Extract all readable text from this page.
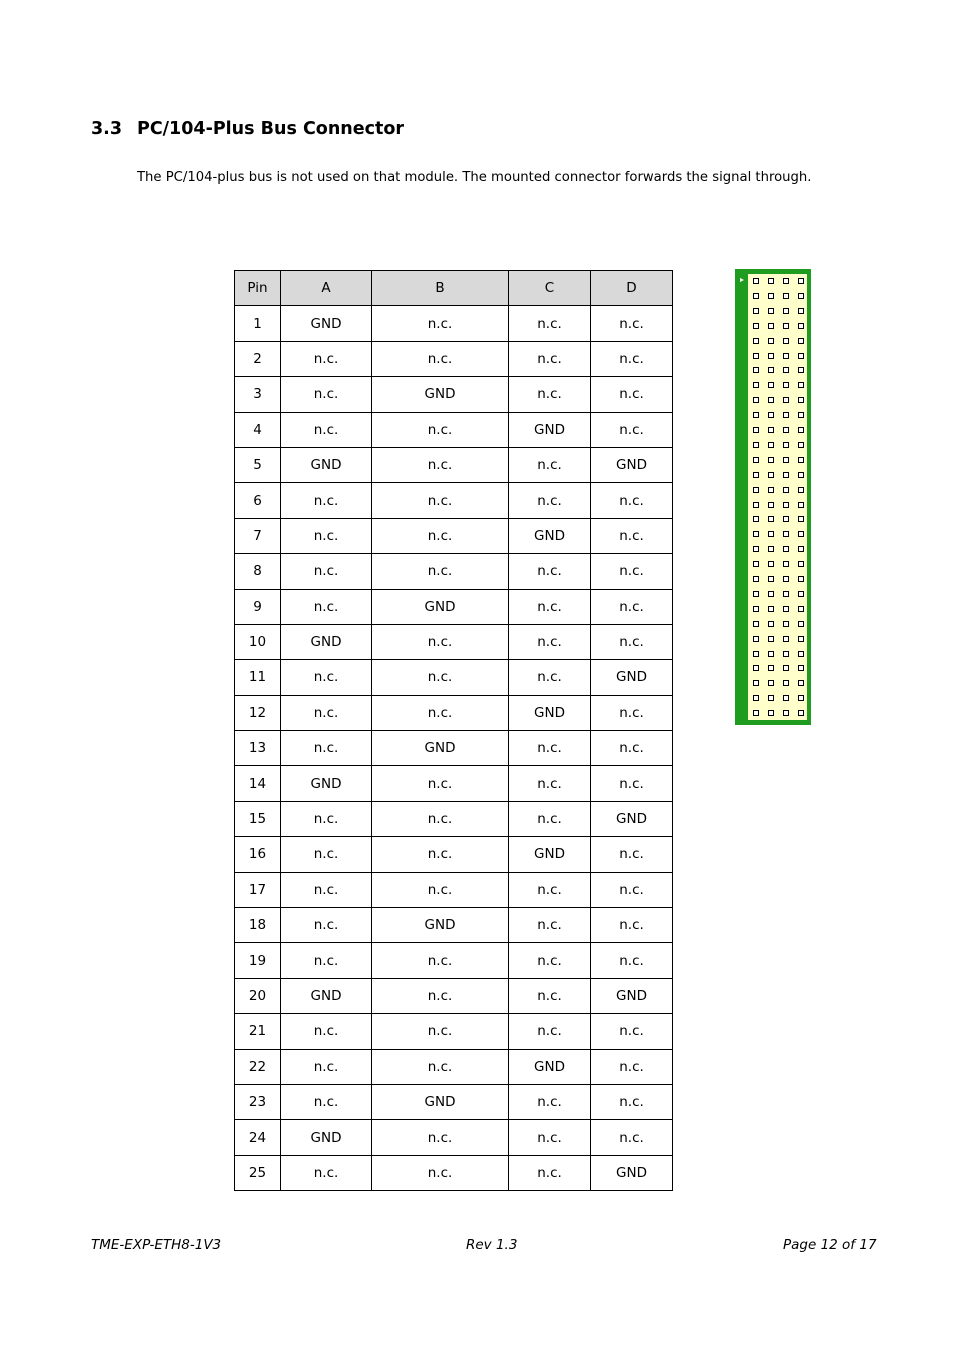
3.3 PC/104-Plus Bus Connector
The PC/104-plus bus is not used on that module. The mounted connector forwards the signal through.
Pin	A	B	C	D
1	GND	n.c.	n.c.	n.c.
2	n.c.	n.c.	n.c.	n.c.
3	n.c.	GND	n.c.	n.c.
4	n.c.	n.c.	GND	n.c.
5	GND	n.c.	n.c.	GND
6	n.c.	n.c.	n.c.	n.c.
7	n.c.	n.c.	GND	n.c.
8	n.c.	n.c.	n.c.	n.c.
9	n.c.	GND	n.c.	n.c.
10	GND	n.c.	n.c.	n.c.
11	n.c.	n.c.	n.c.	GND
12	n.c.	n.c.	GND	n.c.
13	n.c.	GND	n.c.	n.c.
14	GND	n.c.	n.c.	n.c.
15	n.c.	n.c.	n.c.	GND
16	n.c.	n.c.	GND	n.c.
17	n.c.	n.c.	n.c.	n.c.
18	n.c.	GND	n.c.	n.c.
19	n.c.	n.c.	n.c.	n.c.
20	GND	n.c.	n.c.	GND
21	n.c.	n.c.	n.c.	n.c.
22	n.c.	n.c.	GND	n.c.
23	n.c.	GND	n.c.	n.c.
24	GND	n.c.	n.c.	n.c.
25	n.c.	n.c.	n.c.	GND
TME-EXP-ETH8-1V3	Rev 1.3	Page 12 of 17
